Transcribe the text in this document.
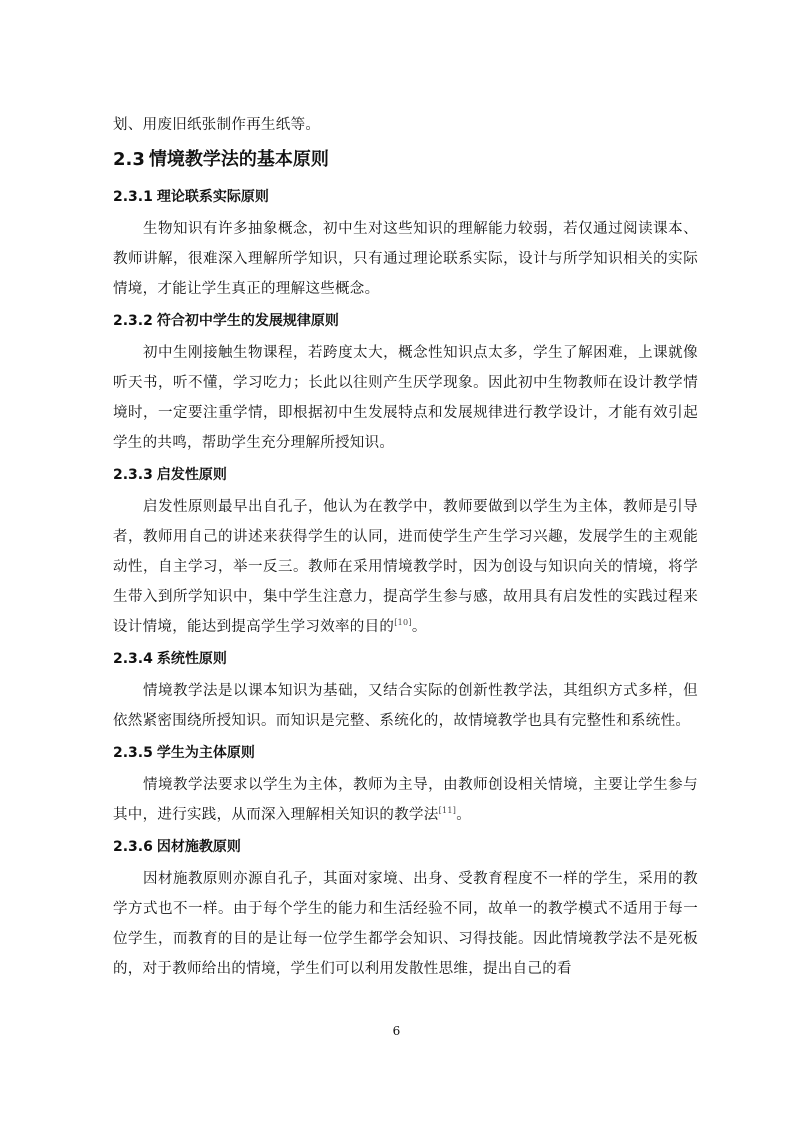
划、用废旧纸张制作再生纸等。

2.3 情境教学法的基本原则
2.3.1 理论联系实际原则

生物知识有许多抽象概念，初中生对这些知识的理解能力较弱，若仅通过阅读课本、教师讲解，很难深入理解所学知识，只有通过理论联系实际，设计与所学知识相关的实际情境，才能让学生真正的理解这些概念。

2.3.2 符合初中学生的发展规律原则

初中生刚接触生物课程，若跨度太大，概念性知识点太多，学生了解困难，上课就像听天书，听不懂，学习吃力；长此以往则产生厌学现象。因此初中生物教师在设计教学情境时，一定要注重学情，即根据初中生发展特点和发展规律进行教学设计，才能有效引起学生的共鸣，帮助学生充分理解所授知识。

2.3.3 启发性原则

启发性原则最早出自孔子，他认为在教学中，教师要做到以学生为主体，教师是引导者，教师用自己的讲述来获得学生的认同，进而使学生产生学习兴趣，发展学生的主观能动性，自主学习，举一反三。教师在采用情境教学时，因为创设与知识向关的情境，将学生带入到所学知识中，集中学生注意力，提高学生参与感，故用具有启发性的实践过程来设计情境，能达到提高学生学习效率的目的[10]。

2.3.4 系统性原则

情境教学法是以课本知识为基础，又结合实际的创新性教学法，其组织方式多样，但依然紧密围绕所授知识。而知识是完整、系统化的，故情境教学也具有完整性和系统性。

2.3.5 学生为主体原则

情境教学法要求以学生为主体，教师为主导，由教师创设相关情境，主要让学生参与其中，进行实践，从而深入理解相关知识的教学法[11]。

2.3.6 因材施教原则

因材施教原则亦源自孔子，其面对家境、出身、受教育程度不一样的学生，采用的教学方式也不一样。由于每个学生的能力和生活经验不同，故单一的教学模式不适用于每一位学生，而教育的目的是让每一位学生都学会知识、习得技能。因此情境教学法不是死板的，对于教师给出的情境，学生们可以利用发散性思维，提出自己的看

6
